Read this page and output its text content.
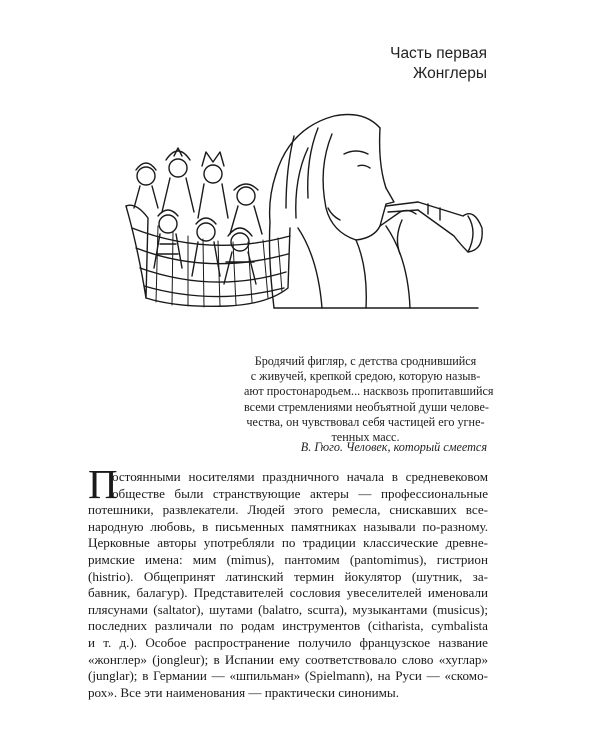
Часть первая
Жонглеры
Бродячий фигляр, с детства сроднившийся
с живучей, крепкой средою, которую назыв-
ают простонародьем... насквозь пропитавшийся
всеми стремлениями необъятной души челове-
чества, он чувствовал себя частицей его угне-
тенных масс.
В. Гюго. Человек, который смеется
П
остоянными носителями праздничного начала в средневековом
обществе были странствующие актеры — профессиональные
потешники, развлекатели. Людей этого ремесла, снискавших все-
народную любовь, в письменных памятниках называли по-разному.
Церковные авторы употребляли по традиции классические древне-
римские имена: мим (mimus), пантомим (pantomimus), гистрион
(histrio). Общепринят латинский термин йокулятор (шутник, за-
бавник, балагур). Представителей сословия увеселителей именовали
плясунами (saltator), шутами (balatro, scurra), музыкантами (musicus);
последних различали по родам инструментов (citharista, cymbalista
и т. д.). Особое распространение получило французское название
«жонглер» (jongleur); в Испании ему соответствовало слово «хуглар»
(junglar); в Германии — «шпильман» (Spielmann), на Руси — «скомо-
рох». Все эти наименования — практически синонимы.
